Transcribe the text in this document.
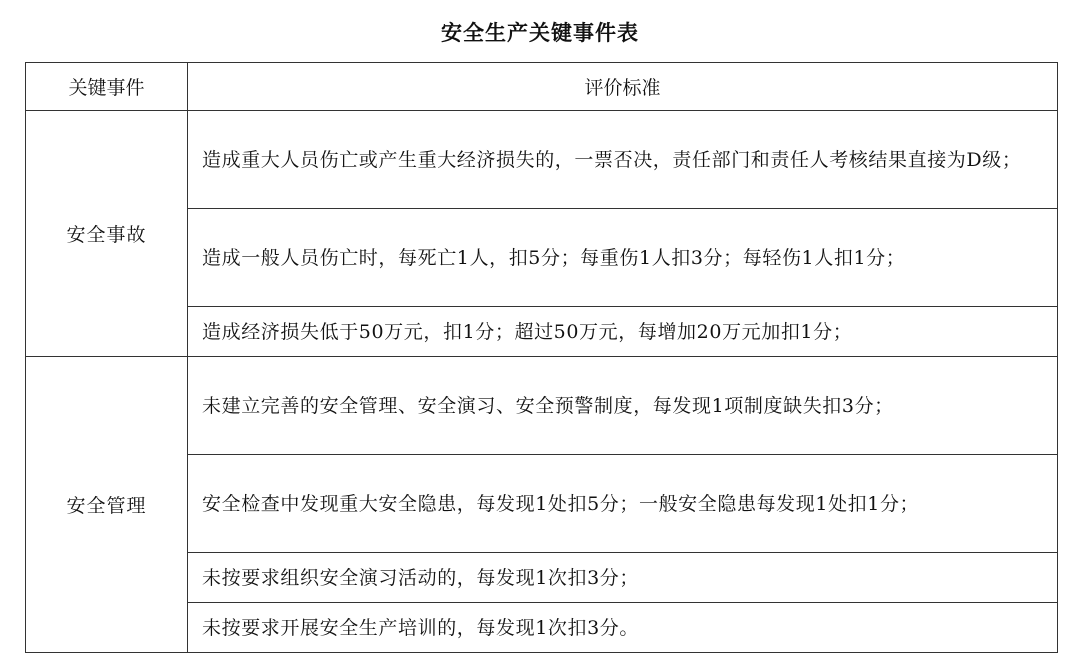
安全生产关键事件表
关键事件	评价标准
安全事故	造成重大人员伤亡或产生重大经济损失的，一票否决，责任部门和责任人考核结果直接为D级；
	造成一般人员伤亡时，每死亡1人，扣5分；每重伤1人扣3分；每轻伤1人扣1分；
	造成经济损失低于50万元，扣1分；超过50万元，每增加20万元加扣1分；
安全管理	未建立完善的安全管理、安全演习、安全预警制度，每发现1项制度缺失扣3分；
	安全检查中发现重大安全隐患，每发现1处扣5分；一般安全隐患每发现1处扣1分；
	未按要求组织安全演习活动的，每发现1次扣3分；
	未按要求开展安全生产培训的，每发现1次扣3分。
